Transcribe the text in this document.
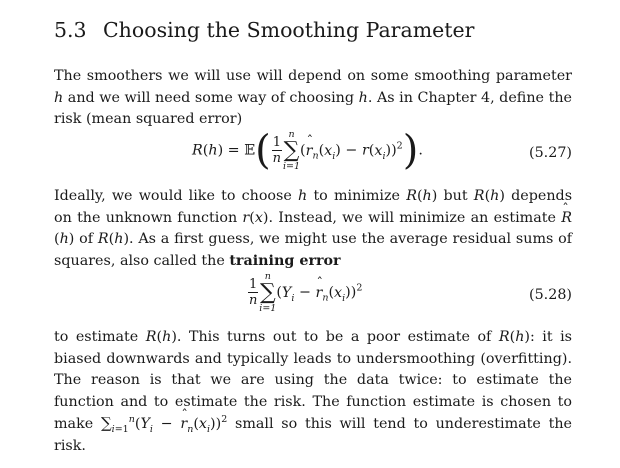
5.3 Choosing the Smoothing Parameter
The smoothers we will use will depend on some smoothing parameter h and we will need some way of choosing h. As in Chapter 4, define the risk (mean squared error)
R(h) = 𝔼( $\frac{1}{n}$
n
∑
i=1
(ˆ $r_n(x_i) - r(x_i))^2$).	(5.27)
Ideally, we would like to choose h to minimize R(h) but R(h) depends on the unknown function r(x). Instead, we will minimize an estimate ˆ R(h) of R(h). As a first guess, we might use the average residual sums of squares, also called the training error
$\frac{1}{n}$
n
∑
i=1
($Y_i$ − ˆ $r_n(x_i))^2$	(5.28)
to estimate R(h). This turns out to be a poor estimate of R(h): it is biased downwards and typically leads to undersmoothing (overfitting). The reason is that we are using the data twice: to estimate the function and to estimate the risk. The function estimate is chosen to make $\sum_{i=1}^n(Y_i$ − ˆ $r_n(x_i))^2$ small so this will tend to underestimate the risk.
